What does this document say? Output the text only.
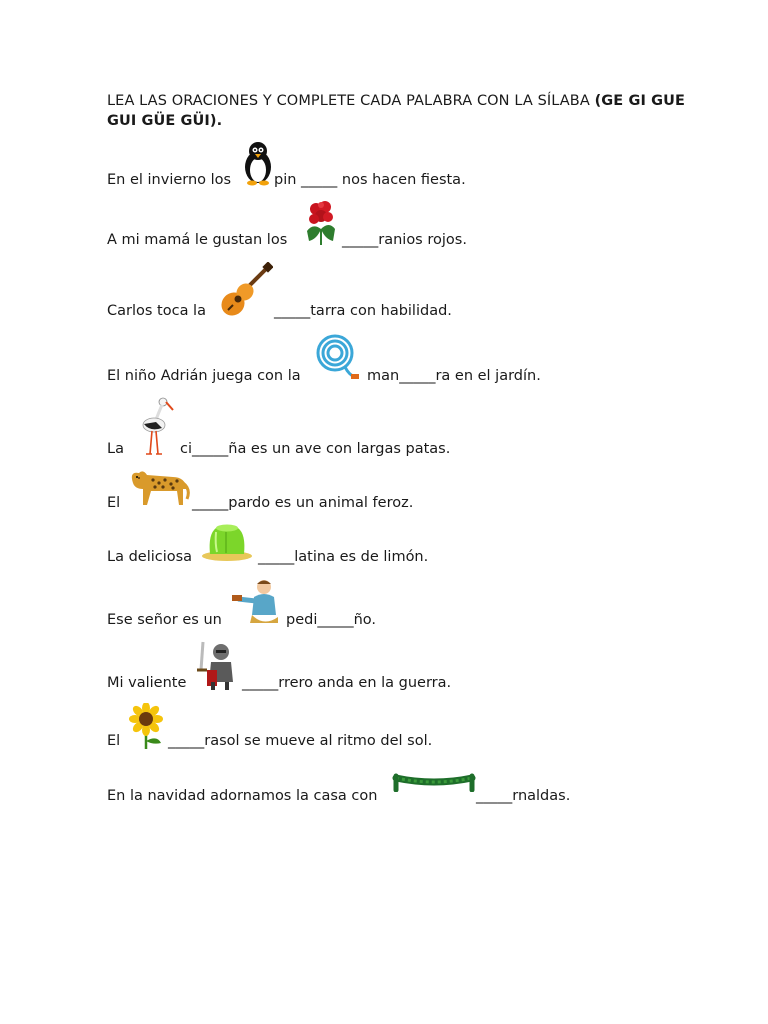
LEA LAS ORACIONES Y COMPLETE CADA PALABRA CON LA SÍLABA (GE GI GUE GUI GÜE GÜI).
En el invierno los	pin _____ nos hacen fiesta.
A mi mamá le gustan los	_____ranios rojos.
Carlos toca la	_____tarra con habilidad.
El niño Adrián juega con la	man_____ra en el jardín.
La	ci_____ña es un ave con largas patas.
El	_____pardo es un animal feroz.
La deliciosa	_____latina es de limón.
Ese señor es un	pedi_____ño.
Mi valiente	_____rrero anda en la guerra.
El	_____rasol se mueve al ritmo del sol.
En la navidad adornamos la casa con	_____rnaldas.
